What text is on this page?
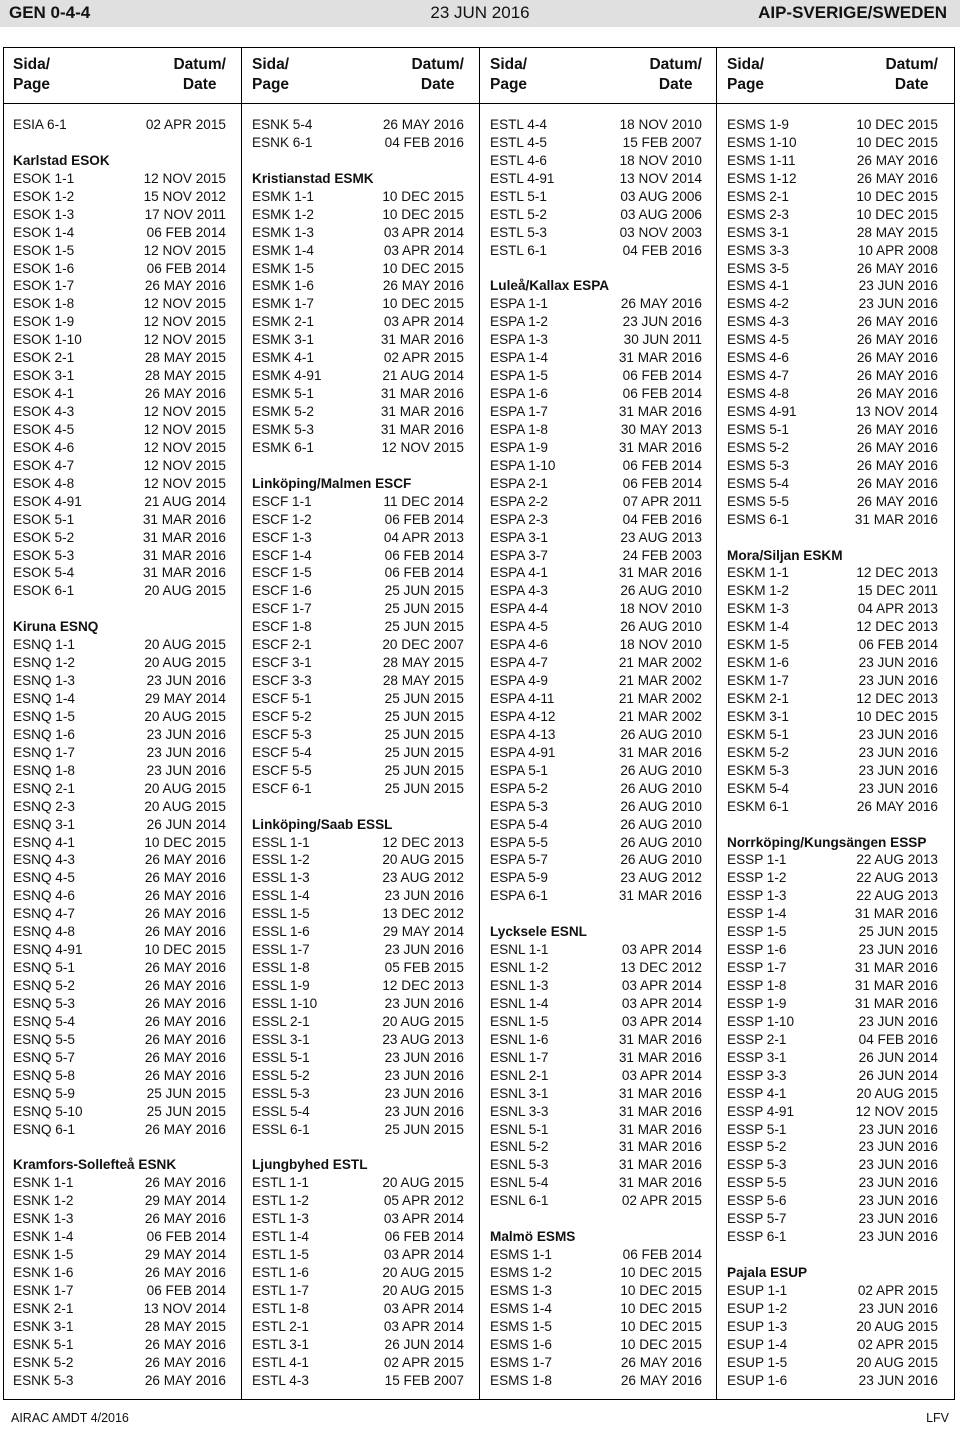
GEN 0-4-4	23 JUN 2016	AIP-SVERIGE/SWEDEN
Sida/
Page
Datum/
Date
Sida/
Page
Datum/
Date
Sida/
Page
Datum/
Date
Sida/
Page
Datum/
Date
ESIA 6-1	02 APR 2015
Karlstad ESOK
ESOK 1-1	12 NOV 2015
ESOK 1-2	15 NOV 2012
ESOK 1-3	17 NOV 2011
ESOK 1-4	06 FEB 2014
ESOK 1-5	12 NOV 2015
ESOK 1-6	06 FEB 2014
ESOK 1-7	26 MAY 2016
ESOK 1-8	12 NOV 2015
ESOK 1-9	12 NOV 2015
ESOK 1-10	12 NOV 2015
ESOK 2-1	28 MAY 2015
ESOK 3-1	28 MAY 2015
ESOK 4-1	26 MAY 2016
ESOK 4-3	12 NOV 2015
ESOK 4-5	12 NOV 2015
ESOK 4-6	12 NOV 2015
ESOK 4-7	12 NOV 2015
ESOK 4-8	12 NOV 2015
ESOK 4-91	21 AUG 2014
ESOK 5-1	31 MAR 2016
ESOK 5-2	31 MAR 2016
ESOK 5-3	31 MAR 2016
ESOK 5-4	31 MAR 2016
ESOK 6-1	20 AUG 2015
Kiruna ESNQ
ESNQ 1-1	20 AUG 2015
ESNQ 1-2	20 AUG 2015
ESNQ 1-3	23 JUN 2016
ESNQ 1-4	29 MAY 2014
ESNQ 1-5	20 AUG 2015
ESNQ 1-6	23 JUN 2016
ESNQ 1-7	23 JUN 2016
ESNQ 1-8	23 JUN 2016
ESNQ 2-1	20 AUG 2015
ESNQ 2-3	20 AUG 2015
ESNQ 3-1	26 JUN 2014
ESNQ 4-1	10 DEC 2015
ESNQ 4-3	26 MAY 2016
ESNQ 4-5	26 MAY 2016
ESNQ 4-6	26 MAY 2016
ESNQ 4-7	26 MAY 2016
ESNQ 4-8	26 MAY 2016
ESNQ 4-91	10 DEC 2015
ESNQ 5-1	26 MAY 2016
ESNQ 5-2	26 MAY 2016
ESNQ 5-3	26 MAY 2016
ESNQ 5-4	26 MAY 2016
ESNQ 5-5	26 MAY 2016
ESNQ 5-7	26 MAY 2016
ESNQ 5-8	26 MAY 2016
ESNQ 5-9	25 JUN 2015
ESNQ 5-10	25 JUN 2015
ESNQ 6-1	26 MAY 2016
Kramfors-Sollefteå ESNK
ESNK 1-1	26 MAY 2016
ESNK 1-2	29 MAY 2014
ESNK 1-3	26 MAY 2016
ESNK 1-4	06 FEB 2014
ESNK 1-5	29 MAY 2014
ESNK 1-6	26 MAY 2016
ESNK 1-7	06 FEB 2014
ESNK 2-1	13 NOV 2014
ESNK 3-1	28 MAY 2015
ESNK 5-1	26 MAY 2016
ESNK 5-2	26 MAY 2016
ESNK 5-3	26 MAY 2016
ESNK 5-4	26 MAY 2016
ESNK 6-1	04 FEB 2016
Kristianstad ESMK
ESMK 1-1	10 DEC 2015
ESMK 1-2	10 DEC 2015
ESMK 1-3	03 APR 2014
ESMK 1-4	03 APR 2014
ESMK 1-5	10 DEC 2015
ESMK 1-6	26 MAY 2016
ESMK 1-7	10 DEC 2015
ESMK 2-1	03 APR 2014
ESMK 3-1	31 MAR 2016
ESMK 4-1	02 APR 2015
ESMK 4-91	21 AUG 2014
ESMK 5-1	31 MAR 2016
ESMK 5-2	31 MAR 2016
ESMK 5-3	31 MAR 2016
ESMK 6-1	12 NOV 2015
Linköping/Malmen ESCF
ESCF 1-1	11 DEC 2014
ESCF 1-2	06 FEB 2014
ESCF 1-3	04 APR 2013
ESCF 1-4	06 FEB 2014
ESCF 1-5	06 FEB 2014
ESCF 1-6	25 JUN 2015
ESCF 1-7	25 JUN 2015
ESCF 1-8	25 JUN 2015
ESCF 2-1	20 DEC 2007
ESCF 3-1	28 MAY 2015
ESCF 3-3	28 MAY 2015
ESCF 5-1	25 JUN 2015
ESCF 5-2	25 JUN 2015
ESCF 5-3	25 JUN 2015
ESCF 5-4	25 JUN 2015
ESCF 5-5	25 JUN 2015
ESCF 6-1	25 JUN 2015
Linköping/Saab ESSL
ESSL 1-1	12 DEC 2013
ESSL 1-2	20 AUG 2015
ESSL 1-3	23 AUG 2012
ESSL 1-4	23 JUN 2016
ESSL 1-5	13 DEC 2012
ESSL 1-6	29 MAY 2014
ESSL 1-7	23 JUN 2016
ESSL 1-8	05 FEB 2015
ESSL 1-9	12 DEC 2013
ESSL 1-10	23 JUN 2016
ESSL 2-1	20 AUG 2015
ESSL 3-1	23 AUG 2013
ESSL 5-1	23 JUN 2016
ESSL 5-2	23 JUN 2016
ESSL 5-3	23 JUN 2016
ESSL 5-4	23 JUN 2016
ESSL 6-1	25 JUN 2015
Ljungbyhed ESTL
ESTL 1-1	20 AUG 2015
ESTL 1-2	05 APR 2012
ESTL 1-3	03 APR 2014
ESTL 1-4	06 FEB 2014
ESTL 1-5	03 APR 2014
ESTL 1-6	20 AUG 2015
ESTL 1-7	20 AUG 2015
ESTL 1-8	03 APR 2014
ESTL 2-1	03 APR 2014
ESTL 3-1	26 JUN 2014
ESTL 4-1	02 APR 2015
ESTL 4-3	15 FEB 2007
ESTL 4-4	18 NOV 2010
ESTL 4-5	15 FEB 2007
ESTL 4-6	18 NOV 2010
ESTL 4-91	13 NOV 2014
ESTL 5-1	03 AUG 2006
ESTL 5-2	03 AUG 2006
ESTL 5-3	03 NOV 2003
ESTL 6-1	04 FEB 2016
Luleå/Kallax ESPA
ESPA 1-1	26 MAY 2016
ESPA 1-2	23 JUN 2016
ESPA 1-3	30 JUN 2011
ESPA 1-4	31 MAR 2016
ESPA 1-5	06 FEB 2014
ESPA 1-6	06 FEB 2014
ESPA 1-7	31 MAR 2016
ESPA 1-8	30 MAY 2013
ESPA 1-9	31 MAR 2016
ESPA 1-10	06 FEB 2014
ESPA 2-1	06 FEB 2014
ESPA 2-2	07 APR 2011
ESPA 2-3	04 FEB 2016
ESPA 3-1	23 AUG 2013
ESPA 3-7	24 FEB 2003
ESPA 4-1	31 MAR 2016
ESPA 4-3	26 AUG 2010
ESPA 4-4	18 NOV 2010
ESPA 4-5	26 AUG 2010
ESPA 4-6	18 NOV 2010
ESPA 4-7	21 MAR 2002
ESPA 4-9	21 MAR 2002
ESPA 4-11	21 MAR 2002
ESPA 4-12	21 MAR 2002
ESPA 4-13	26 AUG 2010
ESPA 4-91	31 MAR 2016
ESPA 5-1	26 AUG 2010
ESPA 5-2	26 AUG 2010
ESPA 5-3	26 AUG 2010
ESPA 5-4	26 AUG 2010
ESPA 5-5	26 AUG 2010
ESPA 5-7	26 AUG 2010
ESPA 5-9	23 AUG 2012
ESPA 6-1	31 MAR 2016
Lycksele ESNL
ESNL 1-1	03 APR 2014
ESNL 1-2	13 DEC 2012
ESNL 1-3	03 APR 2014
ESNL 1-4	03 APR 2014
ESNL 1-5	03 APR 2014
ESNL 1-6	31 MAR 2016
ESNL 1-7	31 MAR 2016
ESNL 2-1	03 APR 2014
ESNL 3-1	31 MAR 2016
ESNL 3-3	31 MAR 2016
ESNL 5-1	31 MAR 2016
ESNL 5-2	31 MAR 2016
ESNL 5-3	31 MAR 2016
ESNL 5-4	31 MAR 2016
ESNL 6-1	02 APR 2015
Malmö ESMS
ESMS 1-1	06 FEB 2014
ESMS 1-2	10 DEC 2015
ESMS 1-3	10 DEC 2015
ESMS 1-4	10 DEC 2015
ESMS 1-5	10 DEC 2015
ESMS 1-6	10 DEC 2015
ESMS 1-7	26 MAY 2016
ESMS 1-8	26 MAY 2016
ESMS 1-9	10 DEC 2015
ESMS 1-10	10 DEC 2015
ESMS 1-11	26 MAY 2016
ESMS 1-12	26 MAY 2016
ESMS 2-1	10 DEC 2015
ESMS 2-3	10 DEC 2015
ESMS 3-1	28 MAY 2015
ESMS 3-3	10 APR 2008
ESMS 3-5	26 MAY 2016
ESMS 4-1	23 JUN 2016
ESMS 4-2	23 JUN 2016
ESMS 4-3	26 MAY 2016
ESMS 4-5	26 MAY 2016
ESMS 4-6	26 MAY 2016
ESMS 4-7	26 MAY 2016
ESMS 4-8	26 MAY 2016
ESMS 4-91	13 NOV 2014
ESMS 5-1	26 MAY 2016
ESMS 5-2	26 MAY 2016
ESMS 5-3	26 MAY 2016
ESMS 5-4	26 MAY 2016
ESMS 5-5	26 MAY 2016
ESMS 6-1	31 MAR 2016
Mora/Siljan ESKM
ESKM 1-1	12 DEC 2013
ESKM 1-2	15 DEC 2011
ESKM 1-3	04 APR 2013
ESKM 1-4	12 DEC 2013
ESKM 1-5	06 FEB 2014
ESKM 1-6	23 JUN 2016
ESKM 1-7	23 JUN 2016
ESKM 2-1	12 DEC 2013
ESKM 3-1	10 DEC 2015
ESKM 5-1	23 JUN 2016
ESKM 5-2	23 JUN 2016
ESKM 5-3	23 JUN 2016
ESKM 5-4	23 JUN 2016
ESKM 6-1	26 MAY 2016
Norrköping/Kungsängen ESSP
ESSP 1-1	22 AUG 2013
ESSP 1-2	22 AUG 2013
ESSP 1-3	22 AUG 2013
ESSP 1-4	31 MAR 2016
ESSP 1-5	25 JUN 2015
ESSP 1-6	23 JUN 2016
ESSP 1-7	31 MAR 2016
ESSP 1-8	31 MAR 2016
ESSP 1-9	31 MAR 2016
ESSP 1-10	23 JUN 2016
ESSP 2-1	04 FEB 2016
ESSP 3-1	26 JUN 2014
ESSP 3-3	26 JUN 2014
ESSP 4-1	20 AUG 2015
ESSP 4-91	12 NOV 2015
ESSP 5-1	23 JUN 2016
ESSP 5-2	23 JUN 2016
ESSP 5-3	23 JUN 2016
ESSP 5-5	23 JUN 2016
ESSP 5-6	23 JUN 2016
ESSP 5-7	23 JUN 2016
ESSP 6-1	23 JUN 2016
Pajala ESUP
ESUP 1-1	02 APR 2015
ESUP 1-2	23 JUN 2016
ESUP 1-3	20 AUG 2015
ESUP 1-4	02 APR 2015
ESUP 1-5	20 AUG 2015
ESUP 1-6	23 JUN 2016
AIRAC AMDT 4/2016	LFV
